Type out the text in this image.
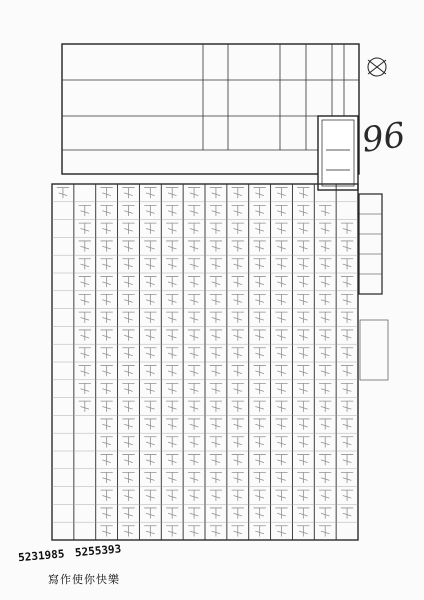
96
5231985 5255393
寫作使你快樂
